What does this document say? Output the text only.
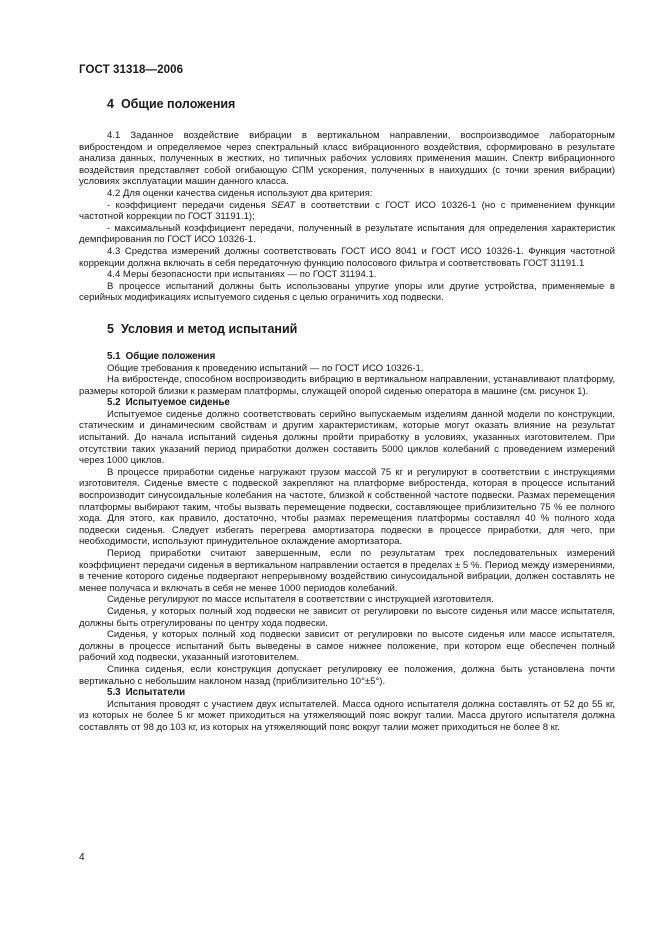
ГОСТ 31318—2006
4 Общие положения

4.1 Заданное воздействие вибрации в вертикальном направлении, воспроизводимое лабораторным вибростендом и определяемое через спектральный класс вибрационного воздействия, сформировано в результате анализа данных, полученных в жестких, но типичных рабочих условиях применения машин. Спектр вибрационного воздействия представляет собой огибающую СПМ ускорения, полученных в наихудших (с точки зрения вибрации) условиях эксплуатации машин данного класса.

4.2 Для оценки качества сиденья используют два критерия:

- коэффициент передачи сиденья SEAT в соответствии с ГОСТ ИСО 10326-1 (но с применением функции частотной коррекции по ГОСТ 31191.1);

- максимальный коэффициент передачи, полученный в результате испытания для определения характеристик демпфирования по ГОСТ ИСО 10326-1.

4.3 Средства измерений должны соответствовать ГОСТ ИСО 8041 и ГОСТ ИСО 10326-1. Функция частотной коррекции должна включать в себя передаточную функцию полосового фильтра и соответствовать ГОСТ 31191.1

4.4 Меры безопасности при испытаниях — по ГОСТ 31194.1.

В процессе испытаний должны быть использованы упругие упоры или другие устройства, применяемые в серийных модификациях испытуемого сиденья с целью ограничить ход подвески.

5 Условия и метод испытаний
5.1 Общие положения

Общие требования к проведению испытаний — по ГОСТ ИСО 10326-1.

На вибростенде, способном воспроизводить вибрацию в вертикальном направлении, устанавливают платформу, размеры которой близки к размерам платформы, служащей опорой сиденью оператора в машине (см. рисунок 1).

5.2 Испытуемое сиденье

Испытуемое сиденье должно соответствовать серийно выпускаемым изделиям данной модели по конструкции, статическим и динамическим свойствам и другим характеристикам, которые могут оказать влияние на результат испытаний. До начала испытаний сиденья должны пройти приработку в условиях, указанных изготовителем. При отсутствии таких указаний период приработки должен составить 5000 циклов колебаний с проведением измерений через 1000 циклов.

В процессе приработки сиденье нагружают грузом массой 75 кг и регулируют в соответствии с инструкциями изготовителя. Сиденье вместе с подвеской закрепляют на платформе вибростенда, которая в процессе испытаний воспроизводит синусоидальные колебания на частоте, близкой к собственной частоте подвески. Размах перемещения платформы выбирают таким, чтобы вызвать перемещение подвески, составляющее приблизительно 75 % ее полного хода. Для этого, как правило, достаточно, чтобы размах перемещения платформы составлял 40 % полного хода подвески сиденья. Следует избегать перегрева амортизатора подвески в процессе приработки, для чего, при необходимости, используют принудительное охлаждение амортизатора.

Период приработки считают завершенным, если по результатам трех последовательных измерений коэффициент передачи сиденья в вертикальном направлении остается в пределах ± 5 %. Период между измерениями, в течение которого сиденье подвергают непрерывному воздействию синусоидальной вибрации, должен составлять не менее получаса и включать в себя не менее 1000 периодов колебаний.

Сиденье регулируют по массе испытателя в соответствии с инструкцией изготовителя.

Сиденья, у которых полный ход подвески не зависит от регулировки по высоте сиденья или массе испытателя, должны быть отрегулированы по центру хода подвески.

Сиденья, у которых полный ход подвески зависит от регулировки по высоте сиденья или массе испытателя, должны в процессе испытаний быть выведены в самое нижнее положение, при котором еще обеспечен полный рабочий ход подвески, указанный изготовителем.

Спинка сиденья, если конструкция допускает регулировку ее положения, должна быть установлена почти вертикально с небольшим наклоном назад (приблизительно 10°±5°).

5.3 Испытатели

Испытания проводят с участием двух испытателей. Масса одного испытателя должна составлять от 52 до 55 кг, из которых не более 5 кг может приходиться на утяжеляющий пояс вокруг талии. Масса другого испытателя должна составлять от 98 до 103 кг, из которых на утяжеляющий пояс вокруг талии может приходиться не более 8 кг.

4
